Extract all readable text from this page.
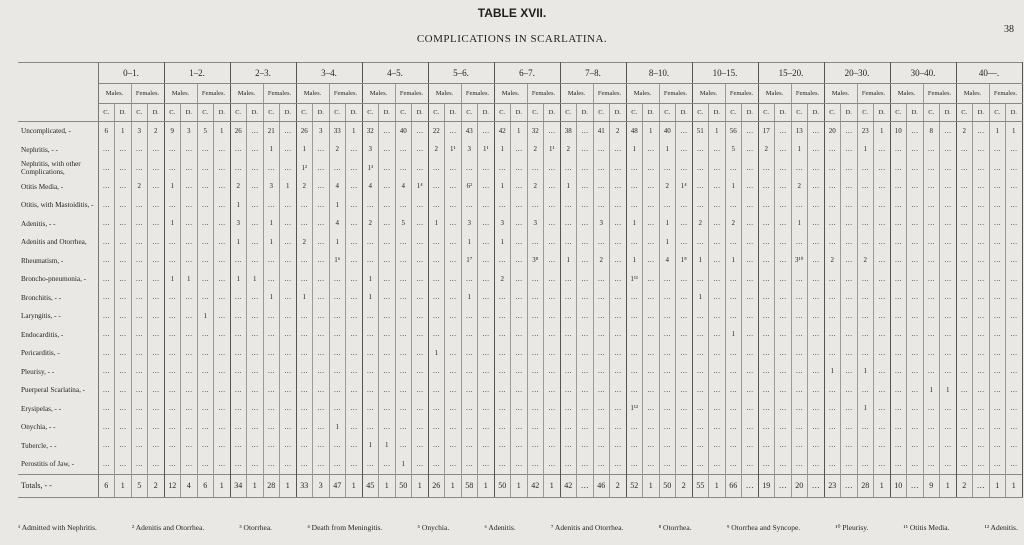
TABLE XVII.
COMPLICATIONS IN SCARLATINA.
38
	0–1.				1–2.				2–3.				3–4.				4–5.				5–6.				6–7.				7–8.				8–10.				10–15.				15–20.				20–30.				30–40.				40—.			
	Males.		Females.		Males.		Females.		Males.		Females.		Males.		Females.		Males.		Females.		Males.		Females.		Males.		Females.		Males.		Females.		Males.		Females.		Males.		Females.		Males.		Females.		Males.		Females.		Males.		Females.		Males.		Females.	
	C.	D.	C.	D.	C.	D.	C.	D.	C.	D.	C.	D.	C.	D.	C.	D.	C.	D.	C.	D.	C.	D.	C.	D.	C.	D.	C.	D.	C.	D.	C.	D.	C.	D.	C.	D.	C.	D.	C.	D.	C.	D.	C.	D.	C.	D.	C.	D.	C.	D.	C.	D.	C.	D.	C.	D.
Uncomplicated, -	6	1	3	2	9	3	5	1	26	…	21	…	26	3	33	1	32	…	40	…	22	…	43	…	42	1	32	…	38	…	41	2	48	1	40	…	51	1	56	…	17	…	13	…	20	…	23	1	10	…	8	…	2	…	1	1
Nephritis, - -	…	…	…	…	…	…	…	…	…	…	1	…	1	…	2	…	3	…	…	…	2	1¹	3	1¹	1	…	2	1¹	2	…	…	…	1	…	1	…	…	…	5	…	2	…	1	…	…	…	1	…	…	…	…	…	…	…	…	…
Nephritis, with other Complications,	…	…	…	…	…	…	…	…	…	…	…	…	1²	…	…	…	1³	…	…	…	…	…	…	…	…	…	…	…	…	…	…	…	…	…	…	…	…	…	…	…	…	…	…	…	…	…	…	…	…	…	…	…	…	…	…	…
Otitis Media, -	…	…	2	…	1	…	…	…	2	…	3	1	2	…	4	…	4	…	4	1⁴	…	…	6²	…	1	…	2	…	1	…	…	…	…	…	2	1⁴	…	…	1	…	…	…	2	…	…	…	…	…	…	…	…	…	…	…	…	…
Otitis, with Mastoiditis, -	…	…	…	…	…	…	…	…	1	…	…	…	…	…	1	…	…	…	…	…	…	…	…	…	…	…	…	…	…	…	…	…	…	…	…	…	…	…	…	…	…	…	…	…	…	…	…	…	…	…	…	…	…	…	…	…
Adenitis, - -	…	…	…	…	1	…	…	…	3	…	1	…	…	…	4	…	2	…	5	…	1	…	3	…	3	…	3	…	…	…	3	…	1	…	1	…	2	…	2	…	…	…	1	…	…	…	…	…	…	…	…	…	…	…	…	…
Adenitis and Otorrhea,	…	…	…	…	…	…	…	…	1	…	1	…	2	…	1	…	…	…	…	…	…	…	1	…	1	…	…	…	…	…	…	…	…	…	1	…	…	…	…	…	…	…	…	…	…	…	…	…	…	…	…	…	…	…	…	…
Rheumatism, -	…	…	…	…	…	…	…	…	…	…	…	…	…	…	1⁶	…	…	…	…	…	…	…	1⁷	…	…	…	3⁸	…	1	…	2	…	1	…	4	1⁸	1	…	1	…	…	…	3¹⁰	…	2	…	2	…	…	…	…	…	…	…	…	…
Broncho-pneumonia, -	…	…	…	…	1	1	…	…	1	1	…	…	…	…	…	…	1	…	…	…	…	…	…	…	2	…	…	…	…	…	…	…	1¹¹	…	…	…	…	…	…	…	…	…	…	…	…	…	…	…	…	…	…	…	…	…	…	…
Bronchitis, - -	…	…	…	…	…	…	…	…	…	…	1	…	1	…	…	…	1	…	…	…	…	…	1	…	…	…	…	…	…	…	…	…	…	…	…	…	1	…	…	…	…	…	…	…	…	…	…	…	…	…	…	…	…	…	…	…
Laryngitis, - -	…	…	…	…	…	…	1	…	…	…	…	…	…	…	…	…	…	…	…	…	…	…	…	…	…	…	…	…	…	…	…	…	…	…	…	…	…	…	…	…	…	…	…	…	…	…	…	…	…	…	…	…	…	…	…	…
Endocarditis, -	…	…	…	…	…	…	…	…	…	…	…	…	…	…	…	…	…	…	…	…	…	…	…	…	…	…	…	…	…	…	…	…	…	…	…	…	…	…	1	…	…	…	…	…	…	…	…	…	…	…	…	…	…	…	…	…
Pericarditis, -	…	…	…	…	…	…	…	…	…	…	…	…	…	…	…	…	…	…	…	…	1	…	…	…	…	…	…	…	…	…	…	…	…	…	…	…	…	…	…	…	…	…	…	…	…	…	…	…	…	…	…	…	…	…	…	…
Pleurisy, - -	…	…	…	…	…	…	…	…	…	…	…	…	…	…	…	…	…	…	…	…	…	…	…	…	…	…	…	…	…	…	…	…	…	…	…	…	…	…	…	…	…	…	…	…	1	…	1	…	…	…	…	…	…	…	…	…
Puerperal Scarlatina, -	…	…	…	…	…	…	…	…	…	…	…	…	…	…	…	…	…	…	…	…	…	…	…	…	…	…	…	…	…	…	…	…	…	…	…	…	…	…	…	…	…	…	…	…	…	…	…	…	…	…	1	1	…	…	…	…
Erysipelas, - -	…	…	…	…	…	…	…	…	…	…	…	…	…	…	…	…	…	…	…	…	…	…	…	…	…	…	…	…	…	…	…	…	1¹²	…	…	…	…	…	…	…	…	…	…	…	…	…	1	…	…	…	…	…	…	…	…	…
Onychia, - -	…	…	…	…	…	…	…	…	…	…	…	…	…	…	1	…	…	…	…	…	…	…	…	…	…	…	…	…	…	…	…	…	…	…	…	…	…	…	…	…	…	…	…	…	…	…	…	…	…	…	…	…	…	…	…	…
Tubercle, - -	…	…	…	…	…	…	…	…	…	…	…	…	…	…	…	…	1	1	…	…	…	…	…	…	…	…	…	…	…	…	…	…	…	…	…	…	…	…	…	…	…	…	…	…	…	…	…	…	…	…	…	…	…	…	…	…
Perostitis of Jaw, -	…	…	…	…	…	…	…	…	…	…	…	…	…	…	…	…	…	…	1	…	…	…	…	…	…	…	…	…	…	…	…	…	…	…	…	…	…	…	…	…	…	…	…	…	…	…	…	…	…	…	…	…	…	…	…	…
Totals, - -	6	1	5	2	12	4	6	1	34	1	28	1	33	3	47	1	45	1	50	1	26	1	58	1	50	1	42	1	42	…	46	2	52	1	50	2	55	1	66	…	19	…	20	…	23	…	28	1	10	…	9	1	2	…	1	1
¹ Admitted with Nephritis.	² Adenitis and Otorrhea.	³ Otorrhea.	⁴ Death from Meningitis.	⁵ Onychia.	⁶ Adenitis.	⁷ Adenitis and Otorrhea.	⁸ Otorrhea.	⁹ Otorrhea and Syncope.	¹⁰ Pleurisy.	¹¹ Otitis Media.	¹² Adenitis.
